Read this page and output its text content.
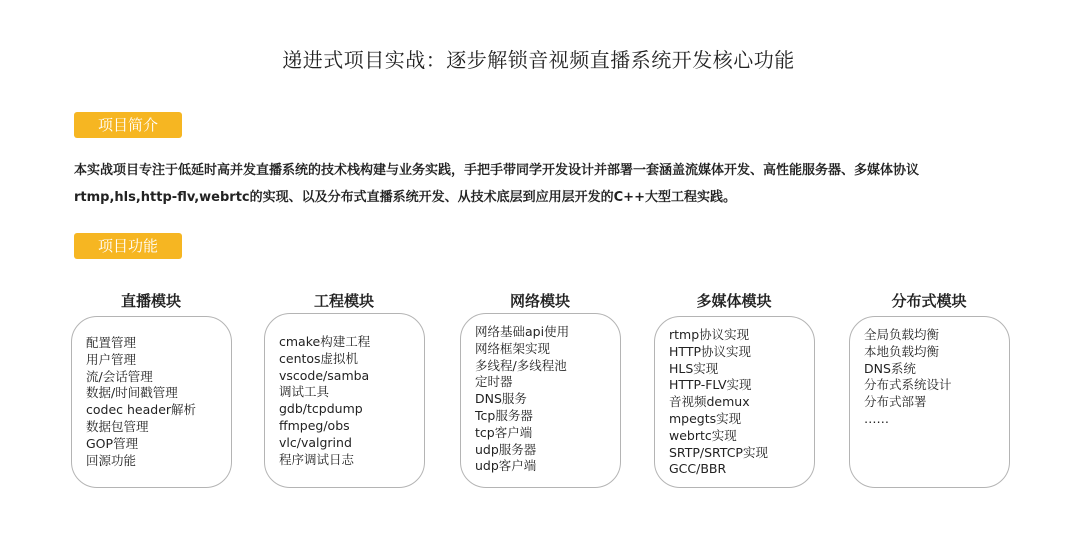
递进式项目实战：逐步解锁音视频直播系统开发核心功能
项目简介

本实战项目专注于低延时高并发直播系统的技术栈构建与业务实践，手把手带同学开发设计并部署一套涵盖流媒体开发、高性能服务器、多媒体协议

rtmp,hls,http-flv,webrtc的实现、以及分布式直播系统开发、从技术底层到应用层开发的C++大型工程实践。

项目功能
直播模块
配置管理
用户管理
流/会话管理
数据/时间戳管理
codec header解析
数据包管理
GOP管理
回源功能
工程模块
cmake构建工程
centos虚拟机
vscode/samba
调试工具
gdb/tcpdump
ffmpeg/obs
vlc/valgrind
程序调试日志
网络模块
网络基础api使用
网络框架实现
多线程/多线程池
定时器
DNS服务
Tcp服务器
tcp客户端
udp服务器
udp客户端
多媒体模块
rtmp协议实现
HTTP协议实现
HLS实现
HTTP-FLV实现
音视频demux
mpegts实现
webrtc实现
SRTP/SRTCP实现
GCC/BBR
分布式模块
全局负载均衡
本地负载均衡
DNS系统
分布式系统设计
分布式部署
……
